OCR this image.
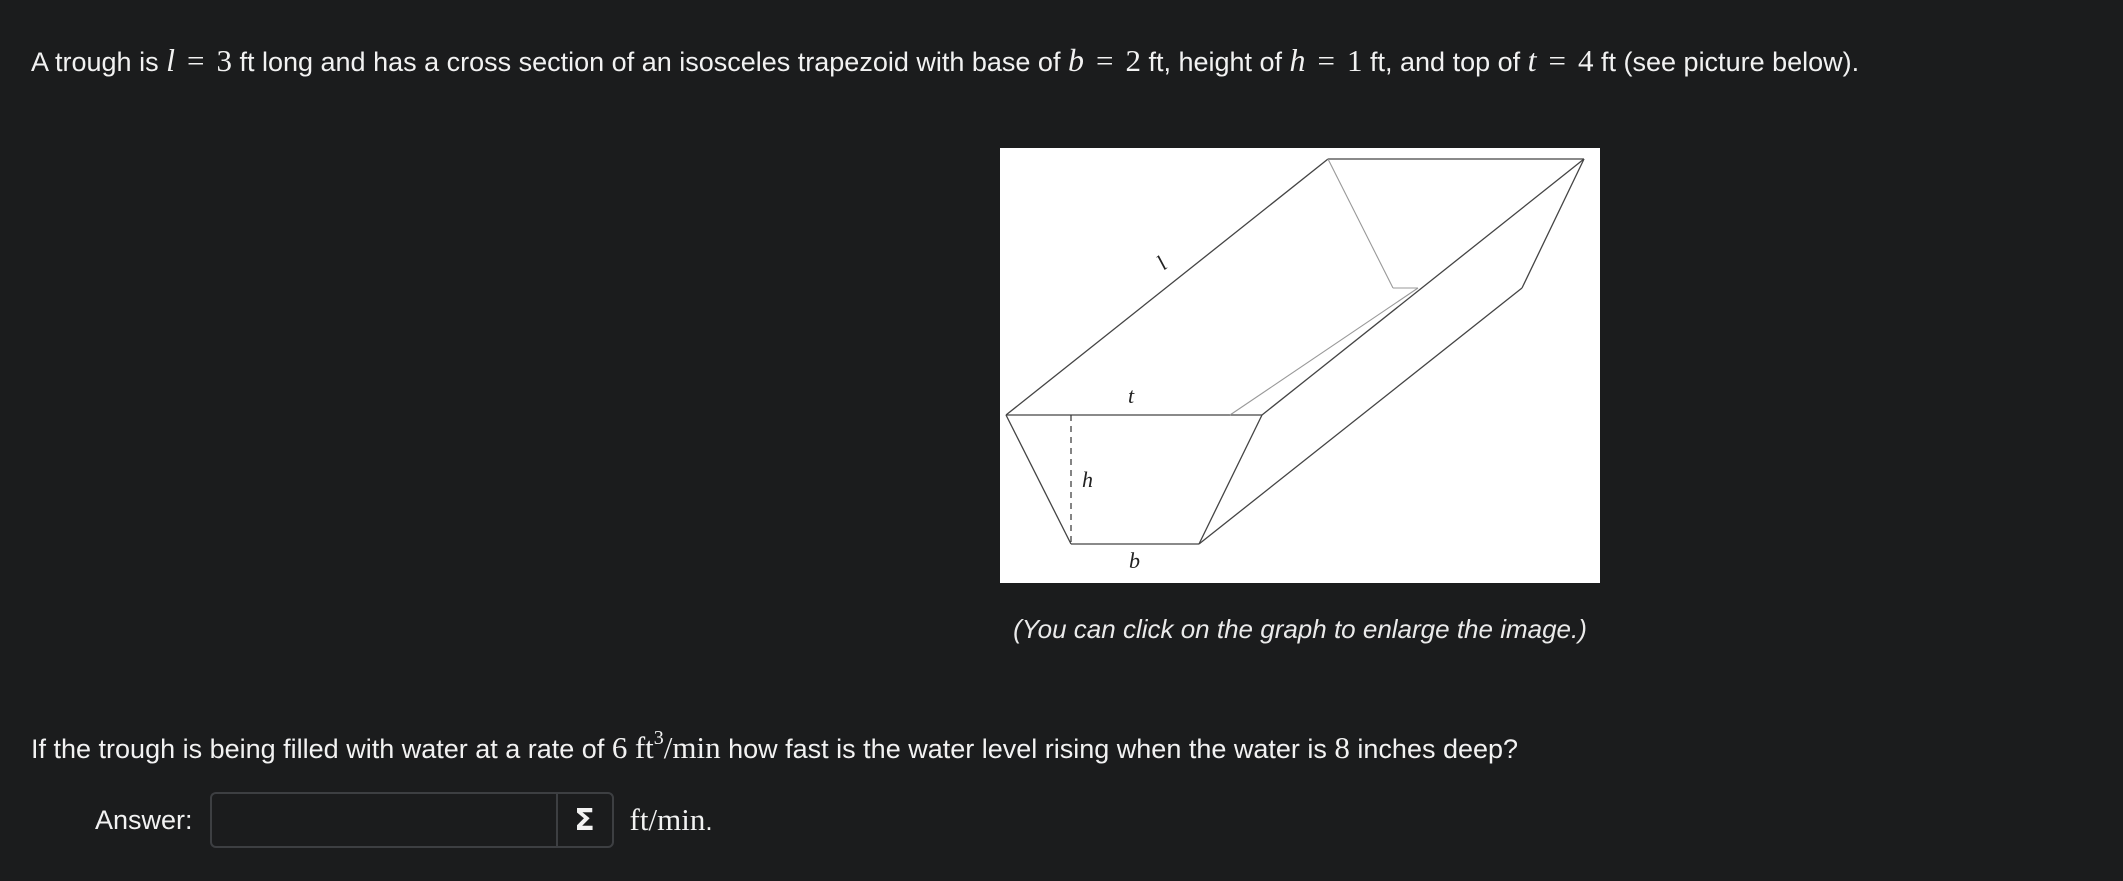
A trough is l = 3 ft long and has a cross section of an isosceles trapezoid with base of b = 2 ft, height of h = 1 ft, and top of t = 4 ft (see picture below).
l
t
h
b
(You can click on the graph to enlarge the image.)
If the trough is being filled with water at a rate of 6 $ft^3/\min$ how fast is the water level rising when the water is 8 inches deep?
Answer:	Σ ft/min.
